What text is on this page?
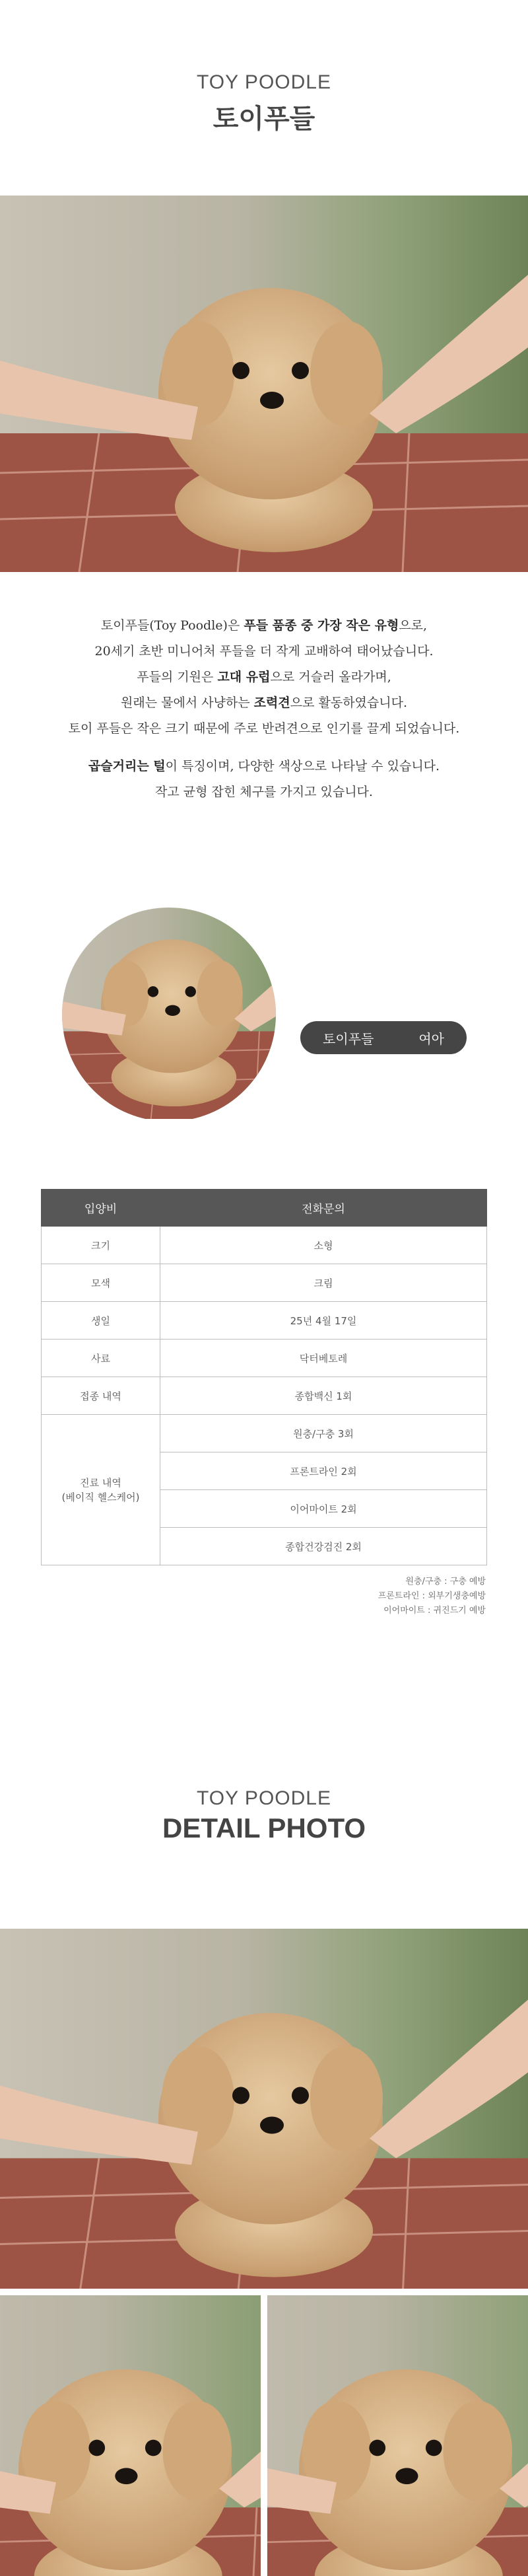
TOY POODLE
토이푸들
토이푸들(Toy Poodle)은 푸들 품종 중 가장 작은 유형으로,
20세기 초반 미니어처 푸들을 더 작게 교배하여 태어났습니다.
푸들의 기원은 고대 유럽으로 거슬러 올라가며,
원래는 물에서 사냥하는 조력견으로 활동하였습니다.
토이 푸들은 작은 크기 때문에 주로 반려견으로 인기를 끌게 되었습니다.
곱슬거리는 털이 특징이며, 다양한 색상으로 나타날 수 있습니다.
작고 균형 잡힌 체구를 가지고 있습니다.
토이푸들	여아
입양비	전화문의
크기	소형
모색	크림
생일	25년 4월 17일
사료	닥터베토레
접종 내역	종합백신 1회

진료 내역
(베이직 헬스케어)	원충/구충 3회
	프론트라인 2회
	이어마이트 2회
	종합건강검진 2회
원충/구충 : 구충 예방
프론트라인 : 외부기생충예방
이어마이트 : 귀진드기 예방
TOY POODLE
DETAIL PHOTO
